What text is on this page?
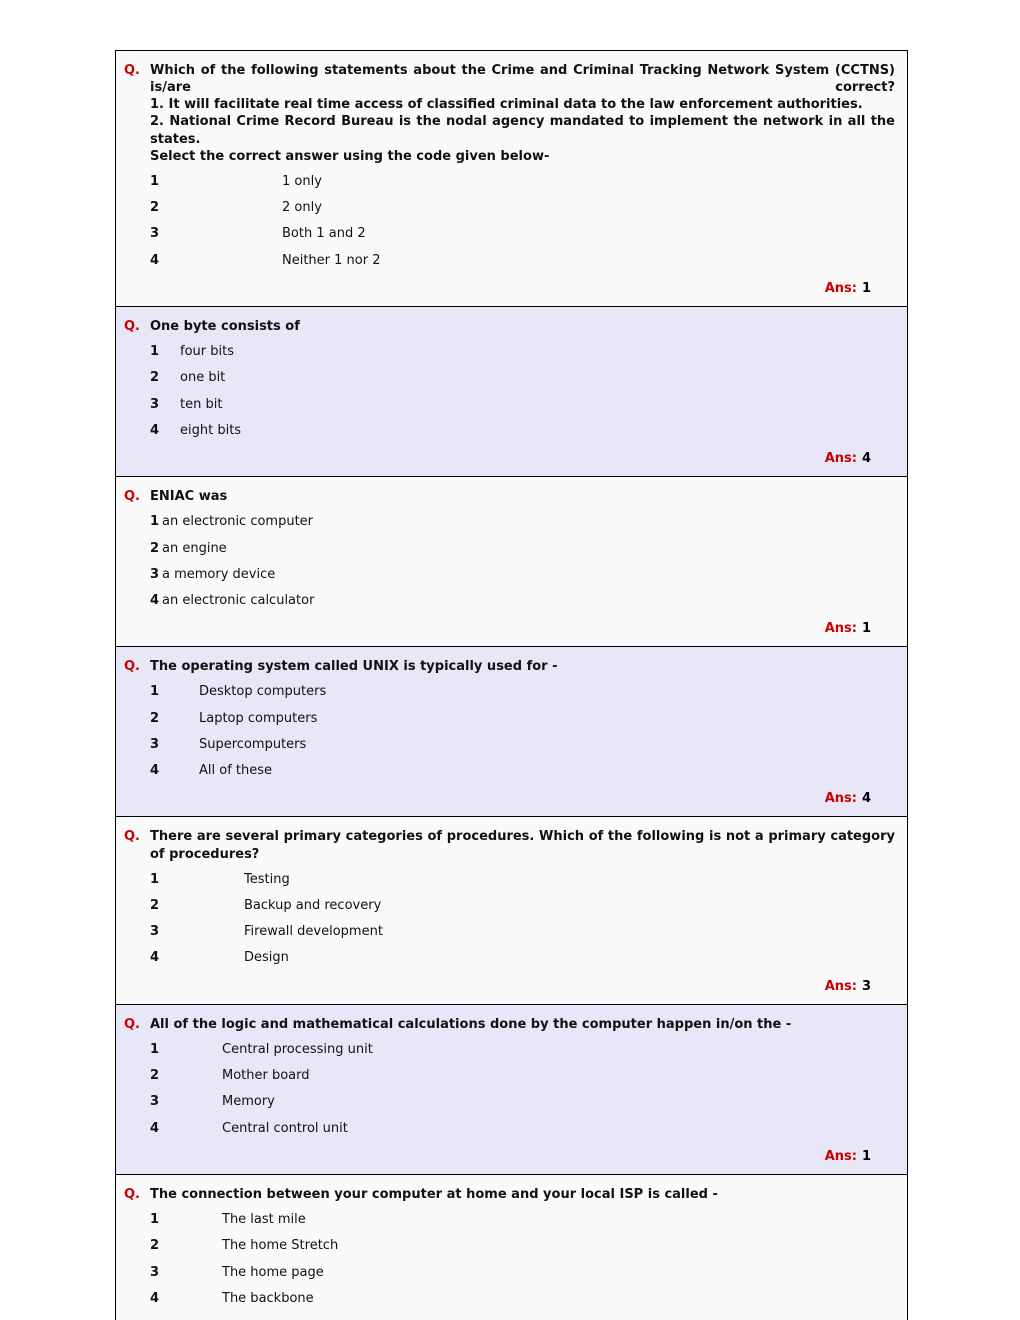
Q. Which of the following statements about the Crime and Criminal Tracking Network System (CCTNS) is/are correct?
1. It will facilitate real time access of classified criminal data to the law enforcement authorities.
2. National Crime Record Bureau is the nodal agency mandated to implement the network in all the states.
Select the correct answer using the code given below-
1	1 only
2	2 only
3	Both 1 and 2
4	Neither 1 nor 2
Ans: 1
Q. One byte consists of
1	four bits
2	one bit
3	ten bit
4	eight bits
Ans: 4
Q. ENIAC was
1 an electronic computer
2 an engine
3 a memory device
4 an electronic calculator
Ans: 1
Q. The operating system called UNIX is typically used for -
1	Desktop computers
2	Laptop computers
3	Supercomputers
4	All of these
Ans: 4
Q. There are several primary categories of procedures. Which of the following is not a primary category of procedures?
1	Testing
2	Backup and recovery
3	Firewall development
4	Design
Ans: 3
Q. All of the logic and mathematical calculations done by the computer happen in/on the -
1	Central processing unit
2	Mother board
3	Memory
4	Central control unit
Ans: 1
Q. The connection between your computer at home and your local ISP is called -
1	The last mile
2	The home Stretch
3	The home page
4	The backbone
